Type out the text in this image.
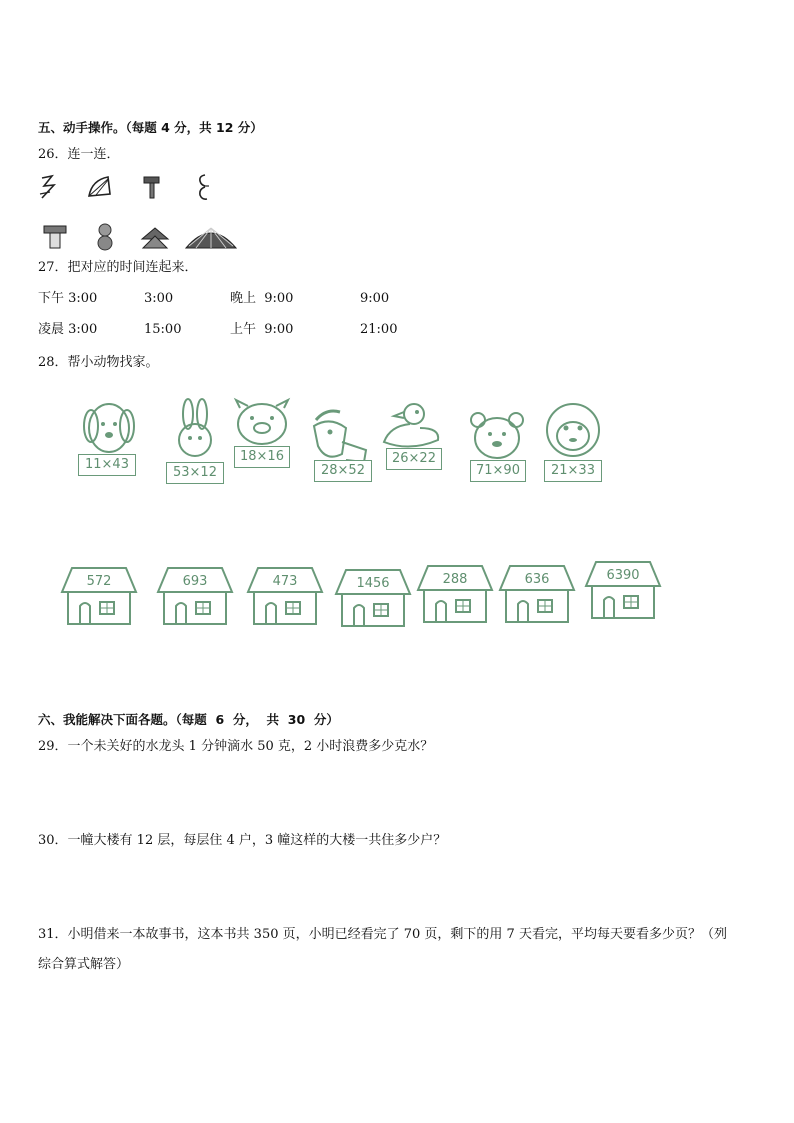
五、动手操作。（每题 4 分，共 12 分）
26．连一连．
27．把对应的时间连起来．
下午 3:00	3:00	晚上  9:00	9:00
凌晨 3:00	15:00	上午  9:00	21:00
28．帮小动物找家。
11×43
53×12
18×16
28×52
26×22
71×90	21×33
572	693	473	1456	288	636	6390
六、我能解决下面各题。（每题  6  分，  共  30  分）
29．一个未关好的水龙头 1 分钟滴水 50 克，2 小时浪费多少克水？
30．一幢大楼有 12 层，每层住 4 户，3 幢这样的大楼一共住多少户？
31．小明借来一本故事书，这本书共 350 页，小明已经看完了 70 页，剩下的用 7 天看完，平均每天要看多少页？（列
综合算式解答）
